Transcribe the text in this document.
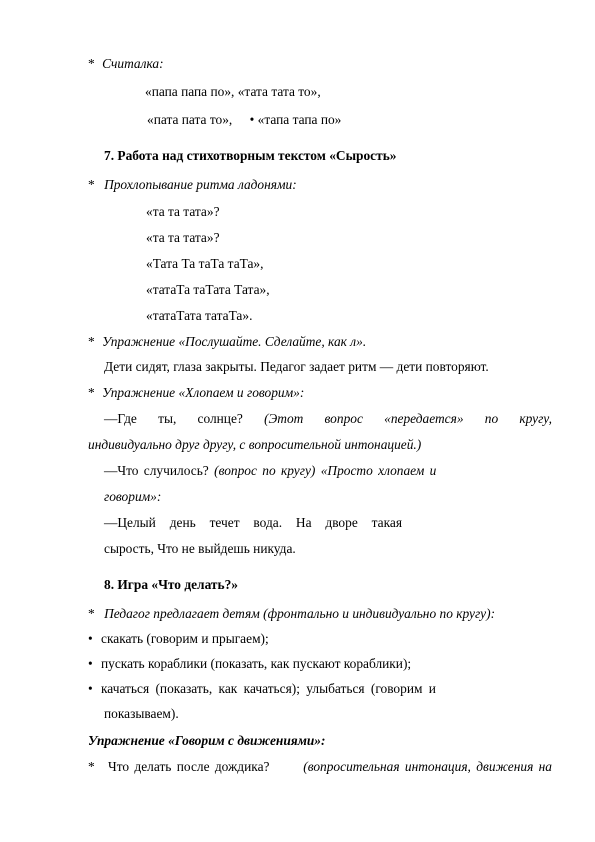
* Считалка:
«папа папа по», «тата тата то»,
«пата пата то», • «тапа тапа по»
7. Работа над стихотворным текстом «Сырость»
* Прохлопывание ритма ладонями:
«та та тата»?
«та та тата»?
«Тата Та таТа таТа»,
«татаТа таТата Тата»,
«татаТата татаТа».
* Упражнение «Послушайте. Сделайте, как л».
Дети сидят, глаза закрыты. Педагог задает ритм — дети повторяют.
* Упражнение «Хлопаем и говорим»:
—Где ты, солнце? (Этот вопрос «передается» по кругу,
индивидуально друг другу, с вопросительной интонацией.)
—Что случилось? (вопрос по кругу) «Просто хлопаем и
говорим»:
—Целый день течет вода. На дворе такая
сырость, Что не выйдешь никуда.
8. Игра «Что делать?»
* Педагог предлагает детям (фронтально и индивидуально по кругу):
• скакать (говорим и прыгаем);
• пускать кораблики (показать, как пускают кораблики);
• качаться (показать, как качаться); улыбаться (говорим и
показываем).
Упражнение «Говорим с движениями»:
* Что делать после дождика?	(вопросительная интонация, движения на
